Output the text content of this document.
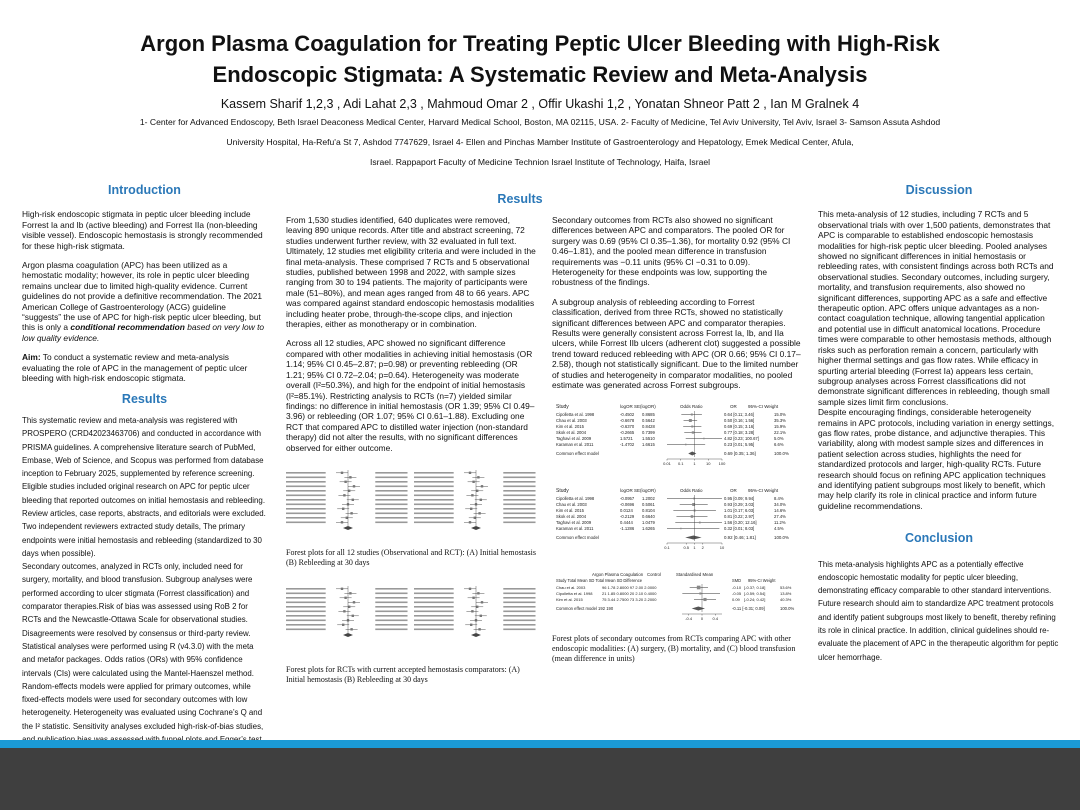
Argon Plasma Coagulation for Treating Peptic Ulcer Bleeding with High-Risk
Endoscopic Stigmata: A Systematic Review and Meta-Analysis
Kassem Sharif 1,2,3 , Adi Lahat 2,3 , Mahmoud Omar 2 , Offir Ukashi 1,2 , Yonatan Shneor Patt 2 , Ian M Gralnek 4
1- Center for Advanced Endoscopy, Beth Israel Deaconess Medical Center, Harvard Medical School, Boston, MA 02115, USA. 2- Faculty of Medicine, Tel Aviv University, Tel Aviv, Israel 3- Samson Assuta Ashdod
University Hospital, Ha-Refu'a St 7, Ashdod 7747629, Israel 4- Ellen and Pinchas Mamber Institute of Gastroenterology and Hepatology, Emek Medical Center, Afula,
Israel. Rappaport Faculty of Medicine Technion Israel Institute of Technology, Haifa, Israel
Introduction

High-risk endoscopic stigmata in peptic ulcer bleeding include Forrest Ia and Ib (active bleeding) and Forrest IIa (non-bleeding visible vessel). Endoscopic hemostasis is strongly recommended for these high-risk stigmata.

Argon plasma coagulation (APC) has been utilized as a hemostatic modality; however, its role in peptic ulcer bleeding remains unclear due to limited high-quality evidence. Current guidelines do not provide a definitive recommendation. The 2021 American College of Gastroenterology (ACG) guideline “suggests” the use of APC for high-risk peptic ulcer bleeding, but this is only a conditional recommendation based on very low to low quality evidence.

Aim: To conduct a systematic review and meta-analysis evaluating the role of APC in the management of peptic ulcer bleeding with high-risk endoscopic stigmata.

Results
This systematic review and meta-analysis was registered with PROSPERO (CRD42023463706) and conducted in accordance with PRISMA guidelines. A comprehensive literature search of PubMed, Embase, Web of Science, and Scopus was performed from database inception to February 2025, supplemented by reference screening.
Eligible studies included original research on APC for peptic ulcer bleeding that reported outcomes on initial hemostasis and rebleeding. Review articles, case reports, abstracts, and editorials were excluded. Two independent reviewers extracted study details, The primary endpoints were initial hemostasis and rebleeding (standardized to 30 days when possible).
Secondary outcomes, analyzed in RCTs only, included need for surgery, mortality, and blood transfusion. Subgroup analyses were performed according to ulcer stigmata (Forrest classification) and comparator therapies.Risk of bias was assessed using RoB 2 for RCTs and the Newcastle-Ottawa Scale for observational studies. Disagreements were resolved by consensus or third-party review. Statistical analyses were performed using R (v4.3.0) with the meta and metafor packages. Odds ratios (ORs) with 95% confidence intervals (CIs) were calculated using the Mantel-Haenszel method. Random-effects models were applied for primary outcomes, while fixed-effects models were used for secondary outcomes with low heterogeneity. Heterogeneity was evaluated using Cochrane’s Q and the I² statistic. Sensitivity analyses excluded high-risk-of-bias studies,

From 1,530 studies identified, 640 duplicates were removed, leaving 890 unique records. After title and abstract screening, 72 studies underwent further review, with 32 evaluated in full text. Ultimately, 12 studies met eligibility criteria and were included in the final meta-analysis. These comprised 7 RCTs and 5 observational studies, published between 1998 and 2022, with sample sizes ranging from 30 to 194 patients. The majority of participants were male (51–80%), and mean ages ranged from 48 to 66 years. APC was compared against standard endoscopic hemostasis modalities including heater probe, through-the-scope clips, and injection therapies, either as monotherapy or in combination.

Across all 12 studies, APC showed no significant difference compared with other modalities in achieving initial hemostasis (OR 1.14; 95% CI 0.45–2.87; p=0.98) or preventing rebleeding (OR 1.21; 95% CI 0.72–2.04; p=0.64). Heterogeneity was moderate overall (I²=50.3%), and high for the endpoint of initial hemostasis (I²=85.1%). Restricting analysis to RCTs (n=7) yielded similar findings: no difference in initial hemostasis (OR 1.39; 95% CI 0.49–3.96) or rebleeding (OR 1.07; 95% CI 0.61–1.88). Excluding one RCT that compared APC to distilled water injection (non-standard therapy) did not alter the results, with no significant differences observed for either outcome.

Forest plots for all 12 studies (Observational and RCT): (A) Initial hemostasis (B) Rebleeding at 30 days
Forest plots for RCTs with current accepted hemostasis comparators: (A) Initial hemostasis (B) Rebleeding at 30 days
Results

Secondary outcomes from RCTs also showed no significant differences between APC and comparators. The pooled OR for surgery was 0.69 (95% CI 0.35–1.36), for mortality 0.92 (95% CI 0.46–1.81), and the pooled mean difference in transfusion requirements was −0.11 units (95% CI −0.31 to 0.09). Heterogeneity for these endpoints was low, supporting the robustness of the findings.

A subgroup analysis of rebleeding according to Forrest classification, derived from three RCTs, showed no statistically significant differences between APC and comparator therapies. Results were generally consistent across Forrest Ia, Ib, and IIa ulcers, while Forrest IIb ulcers (adherent clot) suggested a possible trend toward reduced rebleeding with APC (OR 0.66; 95% CI 0.17–2.58), though not statistically significant. Due to the limited number of studies and heterogeneity in comparator modalities, no pooled estimate was generated across Forrest subgroups.

Study	logOR SE(logOR)	Odds Ratio	OR	95%-CI Weight
Cipolletta et al. 1998	-0.4502 0.8685	0.64 [0.11; 3.46]	15.0%
Chau et al. 2003	-0.6678 0.5642	0.50 [0.16; 1.56]	35.3%
Kim et al. 2015	-0.6370 0.8428	0.69 [0.15; 3.16]	15.9%
Skok et al. 2004	-0.2665 0.7399	0.77 [0.18; 3.28]	22.1%
Taghavi et al. 2009	1.5721 1.5510	4.82 [0.23; 100.67]	5.0%
Karaman et al. 2011	-1.4702 1.6615	0.23 [0.01; 5.95]	6.6%
Common effect model	0.69 [0.35; 1.36]	100.0%
0.01 0.1 1	10 100
Study	logOR SE(logOR)	Odds Ratio	OR	95%-CI Weight
Cipolletta et al. 1998	-0.0957 1.2002	0.95 [0.09; 9.94]	8.4%
Chau et al. 2003	-0.0696 0.5061	0.93 [0.29; 3.03]	34.0%
Kim et al. 2015	0.0124 0.8104	1.01 [0.17; 6.03]	14.6%
Skok et al. 2004	-0.2129 0.6640	0.81 [0.22; 2.97]	27.4%
Taghavi et al. 2009	0.4444 1.0479	1.56 [0.20; 12.16]	11.2%
Karaman et al. 2011	-1.1286 1.6265	0.32 [0.01; 8.03]	4.5%
Common effect model	0.92 [0.46; 1.81]	100.0%
0.1	0.5 1 2	10
Argon Plasma Coagulation Control	Standardised Mean
Study Total Mean SD Total Mean SD Difference	SMD 95%-CI Weight
Chau et al. 2003	96 1.78 2.8000 97 2.00 2.0000	-0.10 [-0.37; 0.18]	53.6%
Cipolletta et al. 1998 21 1.85 0.8000 20 2.10 0.4000	-0.05 [-0.59; 0.54]	13.8%
Kim et al. 2015	75 3.44 2.7500 73 3.20 2.2000	0.09 [-0.24; 0.42]	40.3%
Common effect model 192 190	-0.11 [-0.31; 0.09]	100.0%
-0.4 0 0.4
Forest plots of secondary outcomes from RCTs comparing APC with other endoscopic modalities: (A) surgery, (B) mortality, and (C) blood transfusion (mean difference in units)
Discussion

This meta-analysis of 12 studies, including 7 RCTs and 5 observational trials with over 1,500 patients, demonstrates that APC is comparable to established endoscopic hemostasis modalities for high-risk peptic ulcer bleeding. Pooled analyses showed no significant differences in initial hemostasis or rebleeding rates, with consistent findings across both RCTs and observational studies. Secondary outcomes, including surgery, mortality, and transfusion requirements, also showed no significant differences, supporting APC as a safe and effective therapeutic option. APC offers unique advantages as a non-contact coagulation technique, allowing tangential application and potential use in difficult anatomical locations. Procedure times were comparable to other hemostasis methods, although risks such as perforation remain a concern, particularly with higher thermal settings and gas flow rates. While efficacy in spurting arterial bleeding (Forrest Ia) appears less certain, subgroup analyses across Forrest classifications did not demonstrate significant differences in rebleeding, though small sample sizes limit firm conclusions.

Despite encouraging findings, considerable heterogeneity remains in APC protocols, including variation in energy settings, gas flow rates, probe distance, and adjunctive therapies. This variability, along with modest sample sizes and differences in patient selection across studies, highlights the need for standardized protocols and larger, high-quality RCTs. Future research should focus on refining APC application techniques and identifying patient subgroups most likely to benefit, which may help clarify its role in clinical practice and inform future guideline recommendations.

Conclusion

This meta-analysis highlights APC as a potentially effective endoscopic hemostatic modality for peptic ulcer bleeding, demonstrating efficacy comparable to other standard interventions. Future research should aim to standardize APC treatment protocols and identify patient subgroups most likely to benefit, thereby refining its role in clinical practice. In addition, clinical guidelines should re-evaluate the placement of APC in the therapeutic algorithm for peptic ulcer hemorrhage.
